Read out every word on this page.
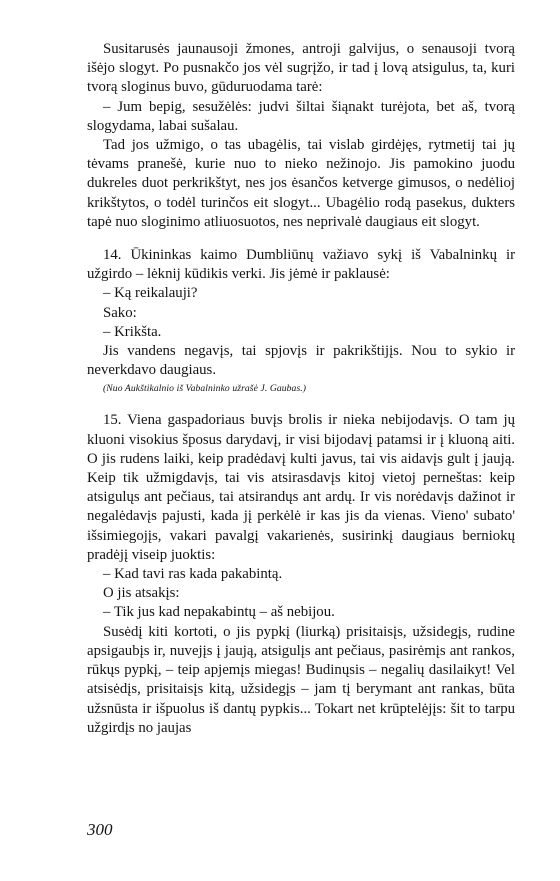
Susitarusės jaunausoji žmones, antroji galvijus, o senausoji tvorą išėjo slogyt. Po pusnakčo jos vėl sugrįžo, ir tad į lovą atsigulus, ta, kuri tvorą sloginus buvo, gūduruodama tarė:

– Jum bepig, sesužėlės: judvi šiltai šiąnakt turėjota, bet aš, tvorą slogydama, labai sušalau.

Tad jos užmigo, o tas ubagėlis, tai vislab girdėjęs, rytmetij tai jų tėvams pranešė, kurie nuo to nieko nežinojo. Jis pamokino juodu dukreles duot perkrikštyt, nes jos ėsančos ketverge gimusos, o nedėlioj krikštytos, o todėl turinčos eit slogyt... Ubagėlio rodą pasekus, dukters tapė nuo sloginimo atliuosuotos, nes neprivalė daugiaus eit slogyt.

14. Ūkininkas kaimo Dumbliūnų važiavo sykį iš Vabalninkų ir užgirdo – lėknij kūdikis verki. Jis jėmė ir paklausė:

– Ką reikalauji?

Sako:

– Krikšta.

Jis vandens negavįs, tai spjovįs ir pakrikštijįs. Nou to sykio ir neverkdavo daugiaus.

(Nuo Aukštikalnio iš Vabalninko užrašė J. Gaubas.)

15. Viena gaspadoriaus buvįs brolis ir nieka nebijodavįs. O tam jų kluoni visokius šposus darydavį, ir visi bijodavį patamsi ir į kluoną aiti. O jis rudens laiki, keip pradėdavį kulti javus, tai vis aidavįs gult į jaują. Keip tik užmigdavįs, tai vis atsirasdavįs kitoj vietoj perneštas: keip atsigulųs ant pečiaus, tai atsirandųs ant ardų. Ir vis norėdavįs dažinot ir negalėdavįs pajusti, kada jį perkėlė ir kas jis da vienas. Vieno' subato' išsimiegojįs, vakari pavalgį vakarienės, susirinkį daugiaus berniokų pradėjį viseip juoktis:

– Kad tavi ras kada pakabintą.

O jis atsakįs:

– Tik jus kad nepakabintų – aš nebijou.

Susėdį kiti kortoti, o jis pypkį (liurką) prisitaisįs, užsidegįs, rudine apsigaubįs ir, nuvejįs į jaują, atsigulįs ant pečiaus, pasirėmįs ant rankos, rūkųs pypkį, – teip apjemįs miegas! Budinųsis – negalių dasilaikyt! Vel atsisėdįs, prisitaisįs kitą, užsidegįs – jam tį berymant ant rankas, būta užsnūsta ir išpuolus iš dantų pypkis... Tokart net krūptelėjįs: šit to tarpu užgirdįs no jaujas

300
